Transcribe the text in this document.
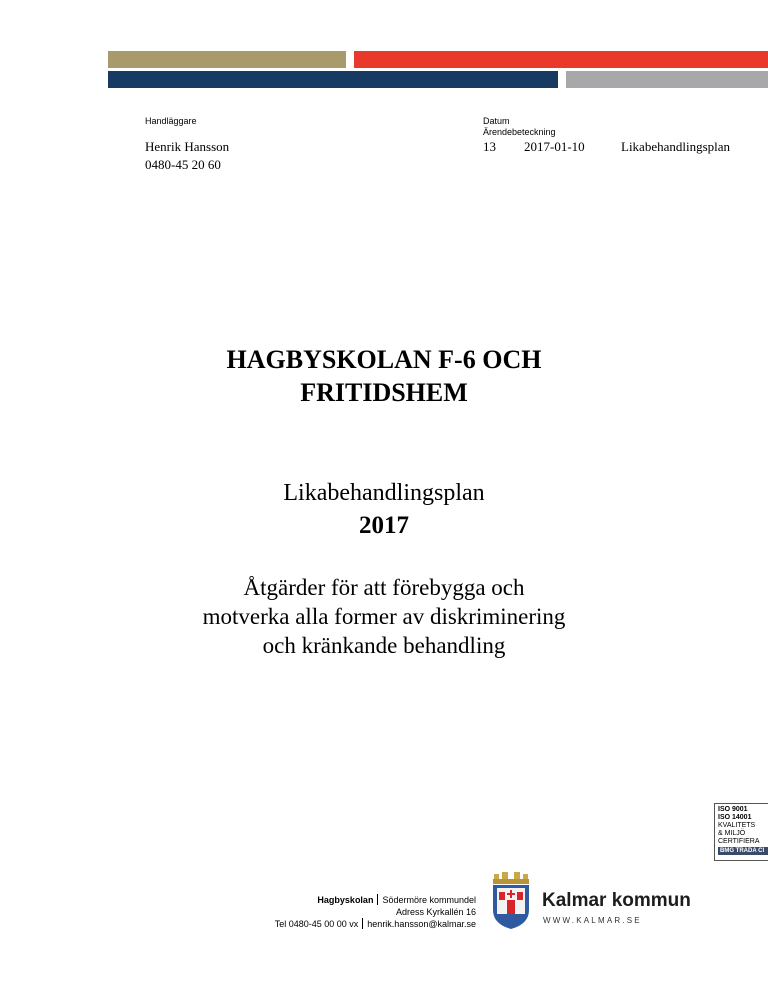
Handläggare
Henrik Hansson
0480-45 20 60
Datum
Ärendebeteckning
13 2017-01-10	Likabehandlingsplan
HAGBYSKOLAN F-6 OCH
FRITIDSHEM
Likabehandlingsplan
2017
Åtgärder för att förebygga och
motverka alla former av diskriminering
och kränkande behandling
ISO 9001
ISO 14001
KVALITETS
& MILJÖ
CERTIFIERA
BMG TRADA CI
Hagbyskolan Södermöre kommundel
Adress Kyrkallén 16
Tel 0480-45 00 00 vx henrik.hansson@kalmar.se
Kalmar kommun
WWW.KALMAR.SE
